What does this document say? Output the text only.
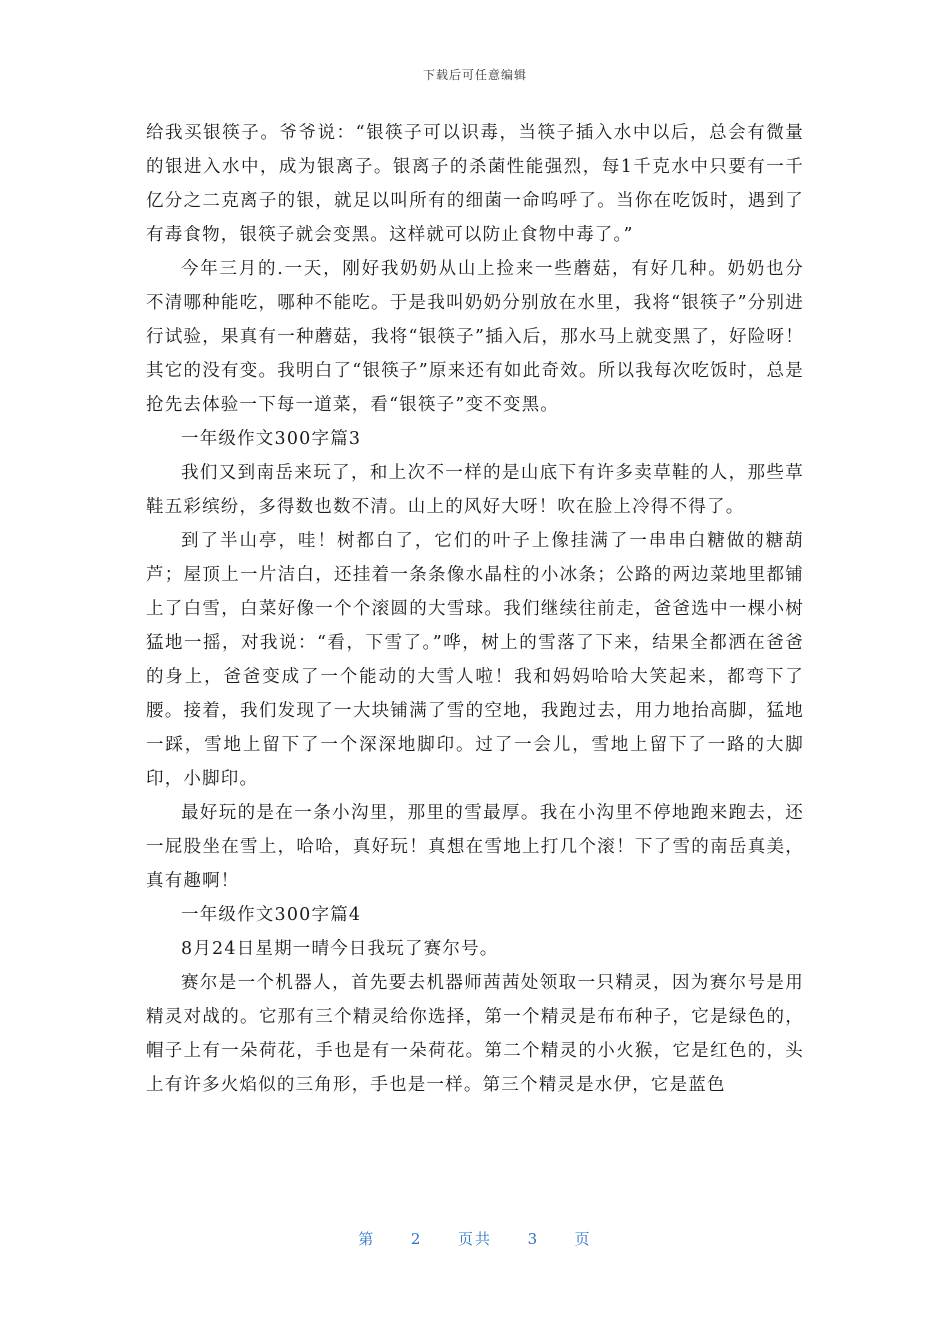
下载后可任意编辑

给我买银筷子。爷爷说：“银筷子可以识毒，当筷子插入水中以后，总会有微量的银进入水中，成为银离子。银离子的杀菌性能强烈，每1千克水中只要有一千亿分之二克离子的银，就足以叫所有的细菌一命呜呼了。当你在吃饭时，遇到了有毒食物，银筷子就会变黑。这样就可以防止食物中毒了。”

今年三月的.一天，刚好我奶奶从山上捡来一些蘑菇，有好几种。奶奶也分不清哪种能吃，哪种不能吃。于是我叫奶奶分别放在水里，我将“银筷子”分别进行试验，果真有一种蘑菇，我将“银筷子”插入后，那水马上就变黑了，好险呀！其它的没有变。我明白了“银筷子”原来还有如此奇效。所以我每次吃饭时，总是抢先去体验一下每一道菜，看“银筷子”变不变黑。

一年级作文300字篇3

我们又到南岳来玩了，和上次不一样的是山底下有许多卖草鞋的人，那些草鞋五彩缤纷，多得数也数不清。山上的风好大呀！吹在脸上冷得不得了。

到了半山亭，哇！树都白了，它们的叶子上像挂满了一串串白糖做的糖葫芦；屋顶上一片洁白，还挂着一条条像水晶柱的小冰条；公路的两边菜地里都铺上了白雪，白菜好像一个个滚圆的大雪球。我们继续往前走，爸爸选中一棵小树猛地一摇，对我说：“看，下雪了。”哗，树上的雪落了下来，结果全都洒在爸爸的身上，爸爸变成了一个能动的大雪人啦！我和妈妈哈哈大笑起来，都弯下了腰。接着，我们发现了一大块铺满了雪的空地，我跑过去，用力地抬高脚，猛地一踩，雪地上留下了一个深深地脚印。过了一会儿，雪地上留下了一路的大脚印，小脚印。

最好玩的是在一条小沟里，那里的雪最厚。我在小沟里不停地跑来跑去，还一屁股坐在雪上，哈哈，真好玩！真想在雪地上打几个滚！下了雪的南岳真美，真有趣啊！

一年级作文300字篇4

8月24日星期一晴今日我玩了赛尔号。

赛尔是一个机器人，首先要去机器师茜茜处领取一只精灵，因为赛尔号是用精灵对战的。它那有三个精灵给你选择，第一个精灵是布布种子，它是绿色的，帽子上有一朵荷花，手也是有一朵荷花。第二个精灵的小火猴，它是红色的，头上有许多火焰似的三角形，手也是一样。第三个精灵是水伊，它是蓝色

第 2 页共 3 页
